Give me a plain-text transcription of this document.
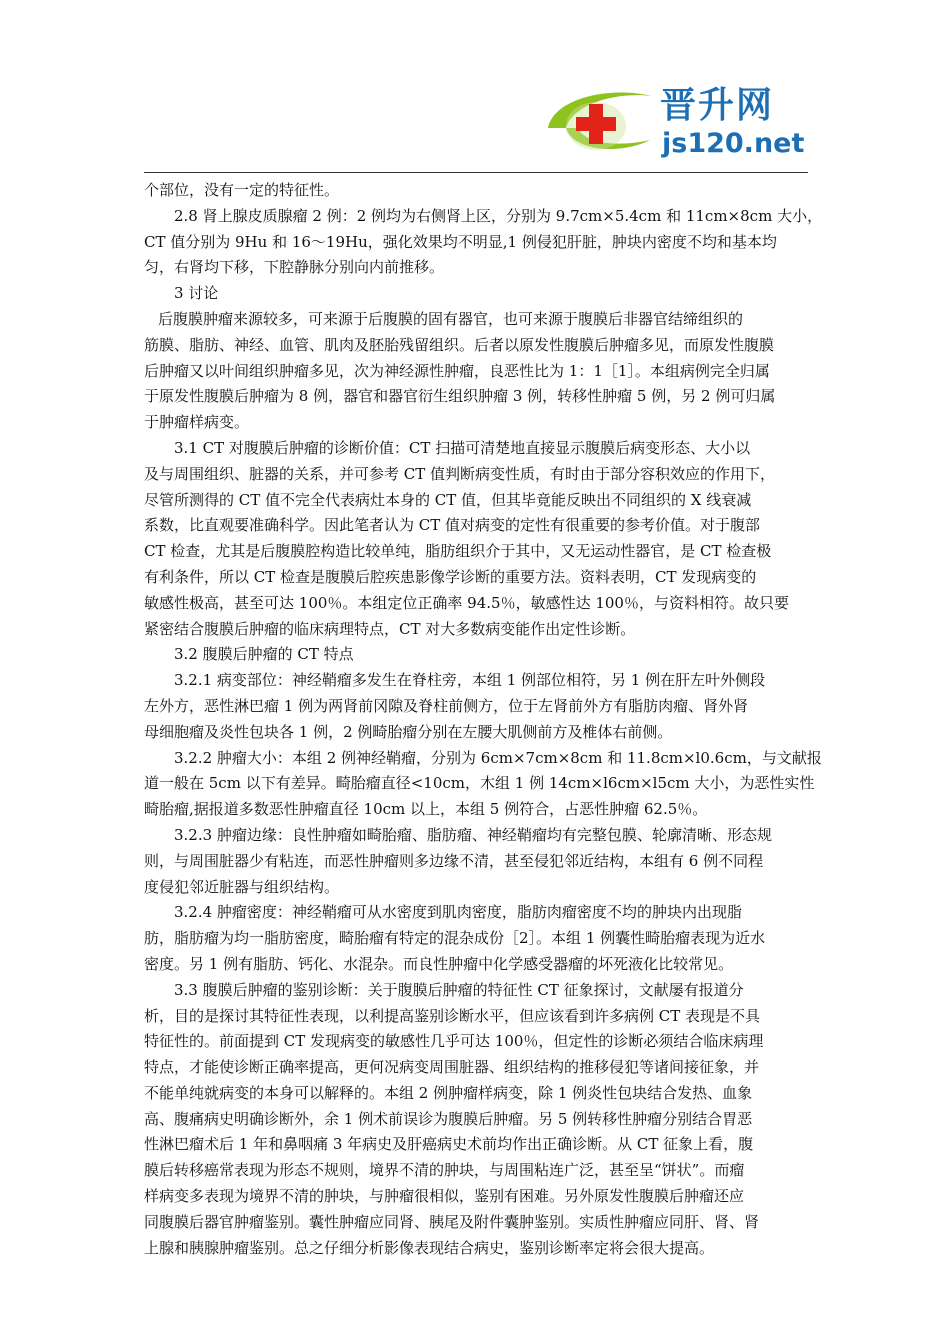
晋升网
js120.net
个部位，没有一定的特征性。
2.8 肾上腺皮质腺瘤 2 例：2 例均为右侧肾上区，分别为 9.7cm×5.4cm 和 11cm×8cm 大小，
CT 值分别为 9Hu 和 16～19Hu，强化效果均不明显,1 例侵犯肝脏，肿块内密度不均和基本均
匀，右肾均下移，下腔静脉分别向内前推移。
3 讨论
后腹膜肿瘤来源较多，可来源于后腹膜的固有器官，也可来源于腹膜后非器官结缔组织的
筋膜、脂肪、神经、血管、肌肉及胚胎残留组织。后者以原发性腹膜后肿瘤多见，而原发性腹膜
后肿瘤又以叶间组织肿瘤多见，次为神经源性肿瘤，良恶性比为 1：1［1］。本组病例完全归属
于原发性腹膜后肿瘤为 8 例，器官和器官衍生组织肿瘤 3 例，转移性肿瘤 5 例，另 2 例可归属
于肿瘤样病变。
3.1 CT 对腹膜后肿瘤的诊断价值：CT 扫描可清楚地直接显示腹膜后病变形态、大小以
及与周围组织、脏器的关系，并可参考 CT 值判断病变性质，有时由于部分容积效应的作用下，
尽管所测得的 CT 值不完全代表病灶本身的 CT 值，但其毕竟能反映出不同组织的 X 线衰减
系数，比直观要准确科学。因此笔者认为 CT 值对病变的定性有很重要的参考价值。对于腹部
CT 检查，尤其是后腹膜腔构造比较单纯，脂肪组织介于其中，又无运动性器官，是 CT 检查极
有利条件，所以 CT 检查是腹膜后腔疾患影像学诊断的重要方法。资料表明，CT 发现病变的
敏感性极高，甚至可达 100％。本组定位正确率 94.5％，敏感性达 100％，与资料相符。故只要
紧密结合腹膜后肿瘤的临床病理特点，CT 对大多数病变能作出定性诊断。
3.2 腹膜后肿瘤的 CT 特点
3.2.1 病变部位：神经鞘瘤多发生在脊柱旁，本组 1 例部位相符，另 1 例在肝左叶外侧段
左外方，恶性淋巴瘤 1 例为两肾前冈隙及脊柱前侧方，位于左肾前外方有脂肪肉瘤、肾外肾
母细胞瘤及炎性包块各 1 例，2 例畸胎瘤分别在左腰大肌侧前方及椎体右前侧。
3.2.2 肿瘤大小：本组 2 例神经鞘瘤，分别为 6cm×7cm×8cm 和 11.8cm×l0.6cm，与文献报
道一般在 5cm 以下有差异。畸胎瘤直径<10cm，木组 1 例 14cm×l6cm×l5cm 大小，为恶性实性
畸胎瘤,据报道多数恶性肿瘤直径 10cm 以上，本组 5 例符合，占恶性肿瘤 62.5％。
3.2.3 肿瘤边缘：良性肿瘤如畸胎瘤、脂肪瘤、神经鞘瘤均有完整包膜、轮廓清晰、形态规
则，与周围脏器少有粘连，而恶性肿瘤则多边缘不清，甚至侵犯邻近结构，本组有 6 例不同程
度侵犯邻近脏器与组织结构。
3.2.4 肿瘤密度：神经鞘瘤可从水密度到肌肉密度，脂肪肉瘤密度不均的肿块内出现脂
肪，脂肪瘤为均一脂肪密度，畸胎瘤有特定的混杂成份［2］。本组 1 例囊性畸胎瘤表现为近水
密度。另 1 例有脂肪、钙化、水混杂。而良性肿瘤中化学感受器瘤的坏死液化比较常见。
3.3 腹膜后肿瘤的鉴别诊断：关于腹膜后肿瘤的特征性 CT 征象探讨，文献屡有报道分
析，目的是探讨其特征性表现，以利提高鉴别诊断水平，但应该看到许多病例 CT 表现是不具
特征性的。前面提到 CT 发现病变的敏感性几乎可达 100％，但定性的诊断必须结合临床病理
特点，才能使诊断正确率提高，更何况病变周围脏器、组织结构的推移侵犯等诸间接征象，并
不能单纯就病变的本身可以解释的。本组 2 例肿瘤样病变，除 1 例炎性包块结合发热、血象
高、腹痛病史明确诊断外，余 1 例术前误诊为腹膜后肿瘤。另 5 例转移性肿瘤分别结合胃恶
性淋巴瘤术后 1 年和鼻咽痛 3 年病史及肝癌病史术前均作出正确诊断。从 CT 征象上看，腹
膜后转移癌常表现为形态不规则，境界不清的肿块，与周围粘连广泛，甚至呈“饼状”。而瘤
样病变多表现为境界不清的肿块，与肿瘤很相似，鉴别有困难。另外原发性腹膜后肿瘤还应
同腹膜后器官肿瘤鉴别。囊性肿瘤应同肾、胰尾及附件囊肿鉴别。实质性肿瘤应同肝、肾、肾
上腺和胰腺肿瘤鉴别。总之仔细分析影像表现结合病史，鉴别诊断率定将会很大提高。
